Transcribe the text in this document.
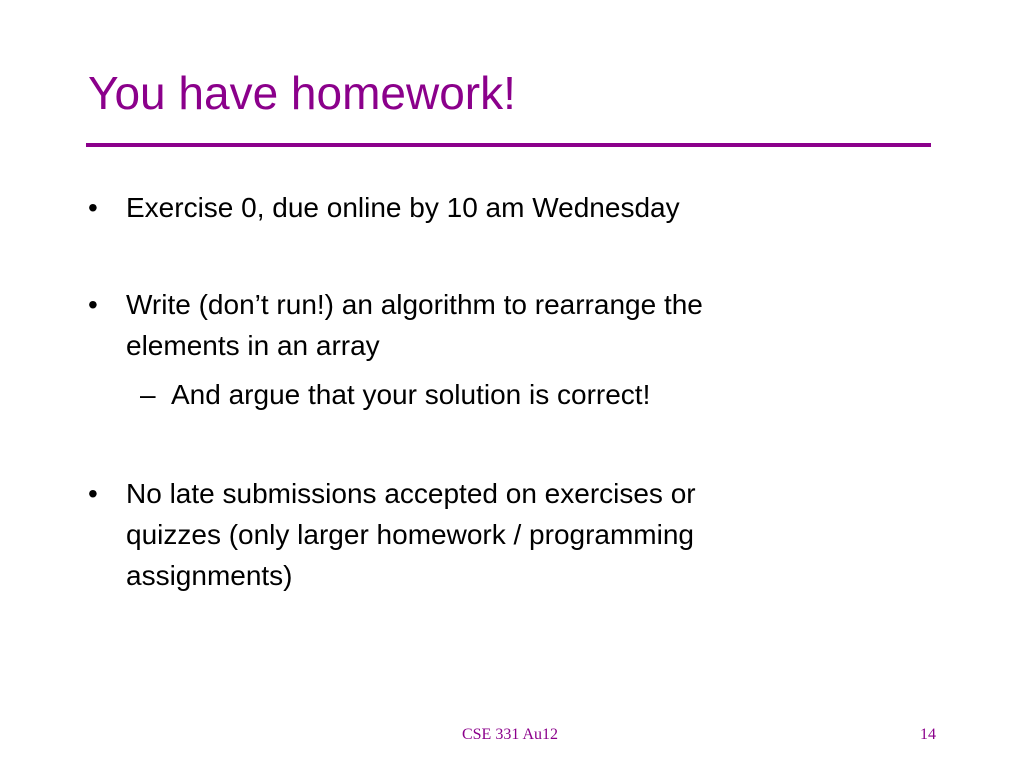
You have homework!
•	Exercise 0, due online by 10 am Wednesday
•	Write (don’t run!) an algorithm to rearrange the
elements in an array
– And argue that your solution is correct!
•	No late submissions accepted on exercises or
quizzes (only larger homework / programming
assignments)
CSE 331 Au12	14
